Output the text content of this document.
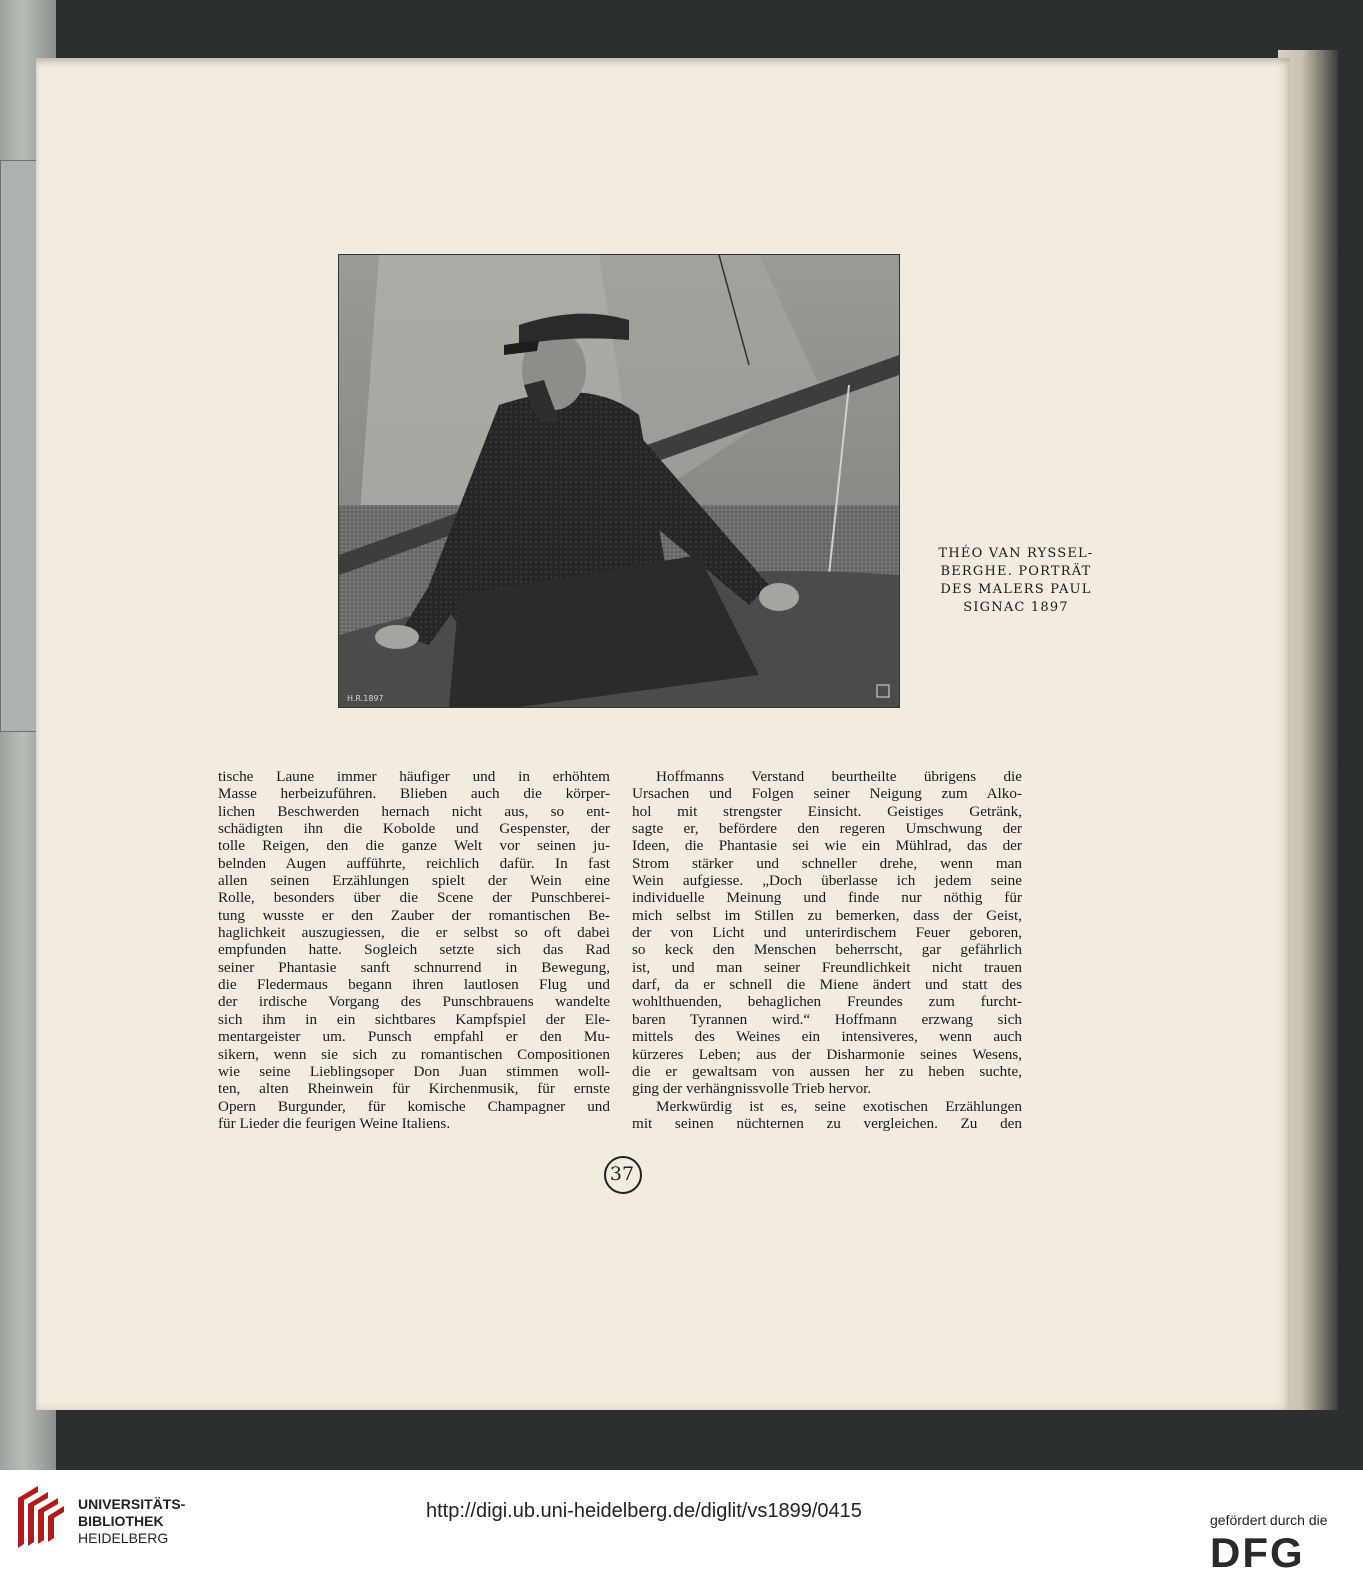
H.R.1897
THÉO VAN RYSSEL-
BERGHE. PORTRÄT
DES MALERS PAUL
SIGNAC 1897
tische Laune immer häufiger und in erhöhtem
Masse herbeizuführen. Blieben auch die körper-
lichen Beschwerden hernach nicht aus, so ent-
schädigten ihn die Kobolde und Gespenster, der
tolle Reigen, den die ganze Welt vor seinen ju-
belnden Augen aufführte, reichlich dafür. In fast
allen seinen Erzählungen spielt der Wein eine
Rolle, besonders über die Scene der Punschberei-
tung wusste er den Zauber der romantischen Be-
haglichkeit auszugiessen, die er selbst so oft dabei
empfunden hatte. Sogleich setzte sich das Rad
seiner Phantasie sanft schnurrend in Bewegung,
die Fledermaus begann ihren lautlosen Flug und
der irdische Vorgang des Punschbrauens wandelte
sich ihm in ein sichtbares Kampfspiel der Ele-
mentargeister um. Punsch empfahl er den Mu-
sikern, wenn sie sich zu romantischen Compositionen
wie seine Lieblingsoper Don Juan stimmen woll-
ten, alten Rheinwein für Kirchenmusik, für ernste
Opern Burgunder, für komische Champagner und
für Lieder die feurigen Weine Italiens.
Hoffmanns Verstand beurtheilte übrigens die
Ursachen und Folgen seiner Neigung zum Alko-
hol mit strengster Einsicht. Geistiges Getränk,
sagte er, befördere den regeren Umschwung der
Ideen, die Phantasie sei wie ein Mühlrad, das der
Strom stärker und schneller drehe, wenn man
Wein aufgiesse. „Doch überlasse ich jedem seine
individuelle Meinung und finde nur nöthig für
mich selbst im Stillen zu bemerken, dass der Geist,
der von Licht und unterirdischem Feuer geboren,
so keck den Menschen beherrscht, gar gefährlich
ist, und man seiner Freundlichkeit nicht trauen
darf, da er schnell die Miene ändert und statt des
wohlthuenden, behaglichen Freundes zum furcht-
baren Tyrannen wird.“ Hoffmann erzwang sich
mittels des Weines ein intensiveres, wenn auch
kürzeres Leben; aus der Disharmonie seines Wesens,
die er gewaltsam von aussen her zu heben suchte,
ging der verhängnissvolle Trieb hervor.
Merkwürdig ist es, seine exotischen Erzählungen
mit seinen nüchternen zu vergleichen. Zu den
37
UNIVERSITÄTS-
BIBLIOTHEK
HEIDELBERG
http://digi.ub.uni-heidelberg.de/diglit/vs1899/0415	gefördert durch die
DFG
